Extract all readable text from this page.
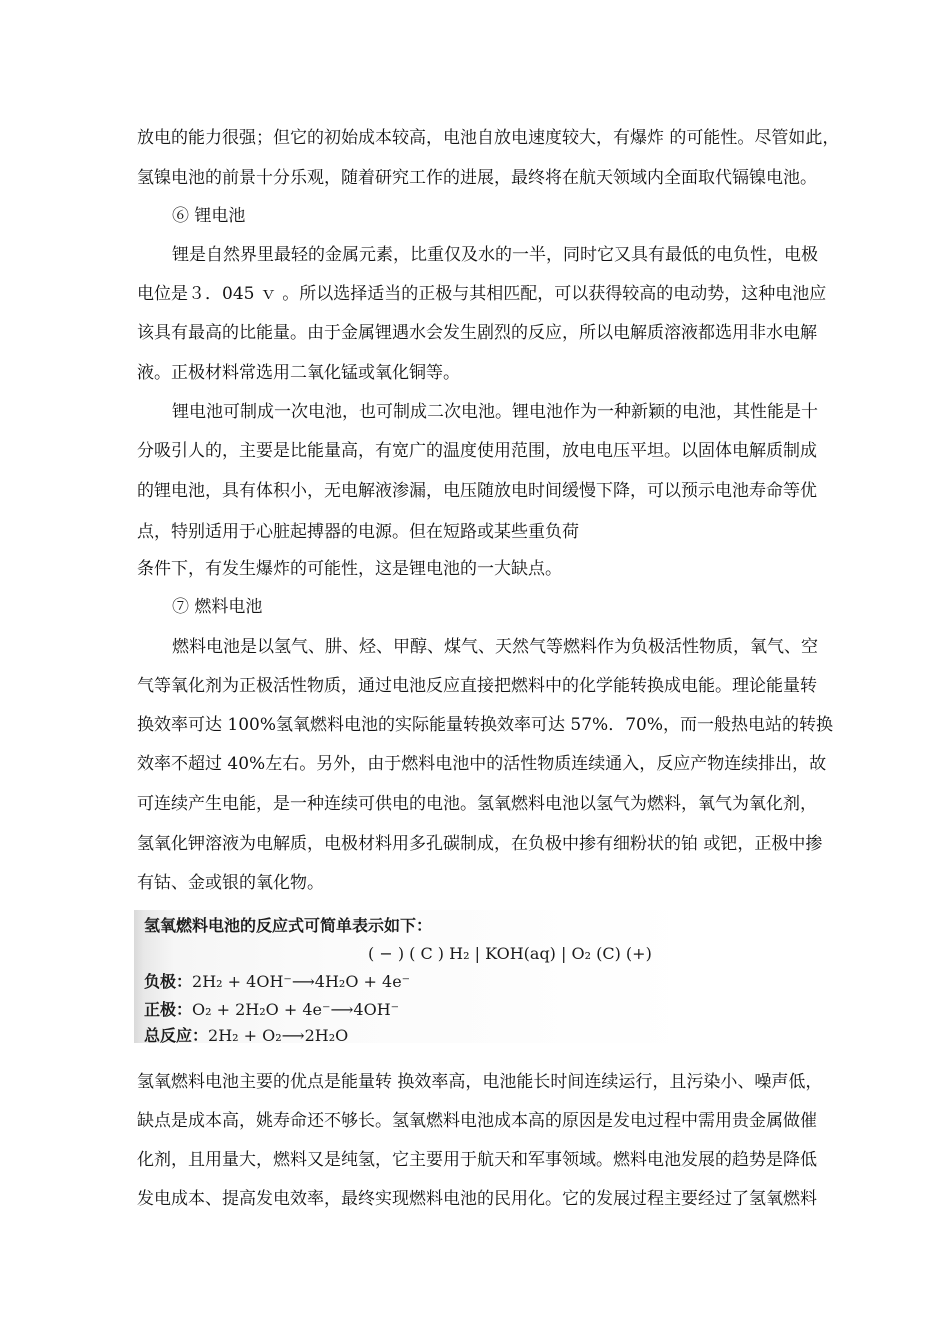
放电的能力很强；但它的初始成本较高，电池自放电速度较大，有爆炸 的可能性。尽管如此，
氢镍电池的前景十分乐观，随着研究工作的进展，最终将在航天领域内全面取代镉镍电池。
⑥ 锂电池
锂是自然界里最轻的金属元素，比重仅及水的一半，同时它又具有最低的电负性，电极
电位是３．045 ｖ 。所以选择适当的正极与其相匹配，可以获得较高的电动势，这种电池应
该具有最高的比能量。由于金属锂遇水会发生剧烈的反应，所以电解质溶液都选用非水电解
液。正极材料常选用二氧化锰或氧化铜等。
锂电池可制成一次电池，也可制成二次电池。锂电池作为一种新颖的电池，其性能是十
分吸引人的，主要是比能量高，有宽广的温度使用范围，放电电压平坦。以固体电解质制成
的锂电池，具有体积小，无电解液渗漏，电压随放电时间缓慢下降，可以预示电池寿命等优
点，特别适用于心脏起搏器的电源。但在短路或某些重负荷
条件下，有发生爆炸的可能性，这是锂电池的一大缺点。
⑦ 燃料电池
燃料电池是以氢气、肼、烃、甲醇、煤气、天然气等燃料作为负极活性物质，氧气、空
气等氧化剂为正极活性物质，通过电池反应直接把燃料中的化学能转换成电能。理论能量转
换效率可达 100%氢氧燃料电池的实际能量转换效率可达 57%．70%，而一般热电站的转换
效率不超过 40%左右。另外，由于燃料电池中的活性物质连续通入，反应产物连续排出，故
可连续产生电能，是一种连续可供电的电池。氢氧燃料电池以氢气为燃料，氧气为氧化剂，
氢氧化钾溶液为电解质，电极材料用多孔碳制成，在负极中掺有细粉状的铂 或钯，正极中掺
有钴、金或银的氧化物。
氢氧燃料电池的反应式可简单表示如下：
( − ) ( C ) H₂ | KOH(aq) | O₂ (C) (+)
负极：2H₂ + 4OH⁻⟶4H₂O + 4e⁻
正极：O₂ + 2H₂O + 4e⁻⟶4OH⁻
总反应：2H₂ + O₂⟶2H₂O
氢氧燃料电池主要的优点是能量转 换效率高，电池能长时间连续运行，且污染小、噪声低，
缺点是成本高，姚寿命还不够长。氢氧燃料电池成本高的原因是发电过程中需用贵金属做催
化剂，且用量大，燃料又是纯氢，它主要用于航天和军事领域。燃料电池发展的趋势是降低
发电成本、提高发电效率，最终实现燃料电池的民用化。它的发展过程主要经过了氢氧燃料
